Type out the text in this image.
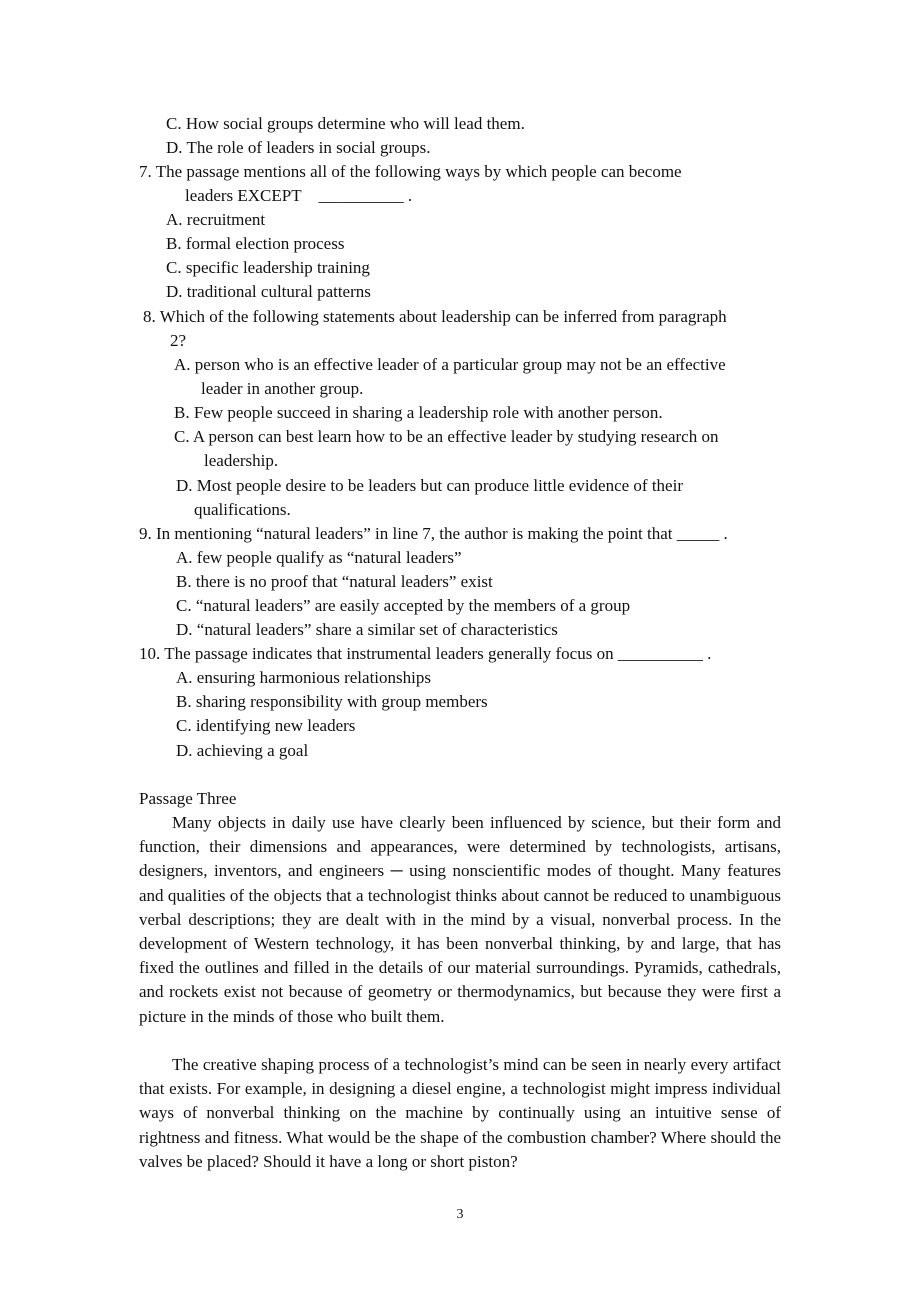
C. How social groups determine who will lead them.
D. The role of leaders in social groups.
7. The passage mentions all of the following ways by which people can become
leaders EXCEPT    __________ .
A. recruitment
B. formal election process
C. specific leadership training
D. traditional cultural patterns
8. Which of the following statements about leadership can be inferred from paragraph
2?
A. person who is an effective leader of a particular group may not be an effective
leader in another group.
B. Few people succeed in sharing a leadership role with another person.
C. A person can best learn how to be an effective leader by studying research on
leadership.
D. Most people desire to be leaders but can produce little evidence of their
qualifications.
9. In mentioning “natural leaders” in line 7, the author is making the point that _____ .
A. few people qualify as “natural leaders”
B. there is no proof that “natural leaders” exist
C. “natural leaders” are easily accepted by the members of a group
D. “natural leaders” share a similar set of characteristics
10. The passage indicates that instrumental leaders generally focus on __________ .
A. ensuring harmonious relationships
B. sharing responsibility with group members
C. identifying new leaders
D. achieving a goal
Passage Three
Many objects in daily use have clearly been influenced by science, but their form and function, their dimensions and appearances, were determined by technologists, artisans, designers, inventors, and engineers ─ using nonscientific modes of thought. Many features and qualities of the objects that a technologist thinks about cannot be reduced to unambiguous verbal descriptions; they are dealt with in the mind by a visual, nonverbal process. In the development of Western technology, it has been nonverbal thinking, by and large, that has fixed the outlines and filled in the details of our material surroundings. Pyramids, cathedrals, and rockets exist not because of geometry or thermodynamics, but because they were first a picture in the minds of those who built them.
The creative shaping process of a technologist’s mind can be seen in nearly every artifact that exists. For example, in designing a diesel engine, a technologist might impress individual ways of nonverbal thinking on the machine by continually using an intuitive sense of rightness and fitness. What would be the shape of the combustion chamber? Where should the valves be placed? Should it have a long or short piston?
3
